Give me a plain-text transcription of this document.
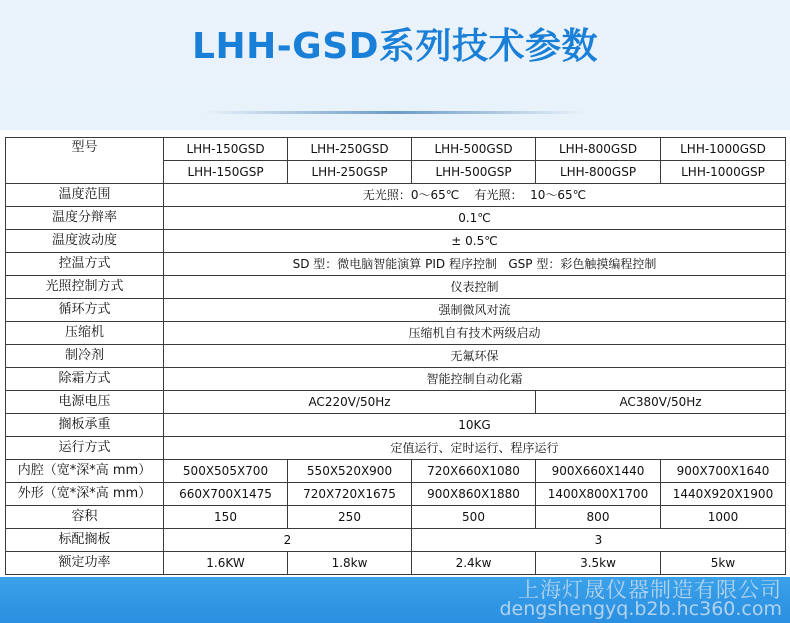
LHH-GSD系列技术参数
型号	LHH-150GSD	LHH-250GSD	LHH-500GSD	LHH-800GSD	LHH-1000GSD
	LHH-150GSP	LHH-250GSP	LHH-500GSP	LHH-800GSP	LHH-1000GSP
温度范围	无光照：0～65℃    有光照：  10～65℃				
温度分辩率	0.1℃				
温度波动度	± 0.5℃				
控温方式	SD 型：微电脑智能演算 PID 程序控制   GSP 型：彩色触摸编程控制				
光照控制方式	仪表控制				
循环方式	强制微风对流				
压缩机	压缩机自有技术两级启动				
制冷剂	无氟环保				
除霜方式	智能控制自动化霜				
电源电压	AC220V/50Hz			AC380V/50Hz	
搁板承重	10KG				
运行方式	定值运行、定时运行、程序运行				
内腔（宽*深*高 mm）	500X505X700	550X520X900	720X660X1080	900X660X1440	900X700X1640
外形（宽*深*高 mm）	660X700X1475	720X720X1675	900X860X1880	1400X800X1700	1440X920X1900
容积	150	250	500	800	1000
标配搁板	2		3		
额定功率	1.6KW	1.8kw	2.4kw	3.5kw	5kw
上海灯晟仪器制造有限公司
dengshengyq.b2b.hc360.com
